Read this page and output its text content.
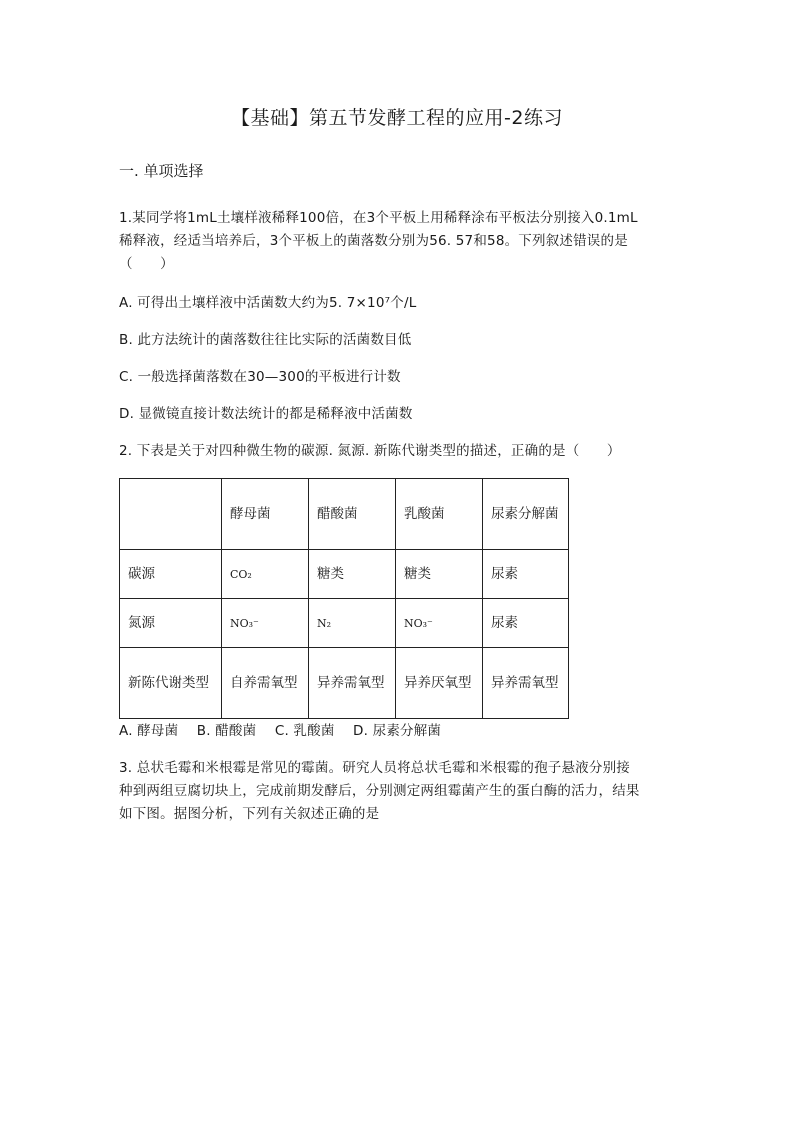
【基础】第五节发酵工程的应用-2练习
一. 单项选择
1.某同学将1mL土壤样液稀释100倍，在3个平板上用稀释涂布平板法分别接入0.1mL
稀释液，经适当培养后，3个平板上的菌落数分别为56. 57和58。下列叙述错误的是
（　　）
A. 可得出土壤样液中活菌数大约为5. 7×10⁷个/L
B. 此方法统计的菌落数往往比实际的活菌数目低
C. 一般选择菌落数在30—300的平板进行计数
D. 显微镜直接计数法统计的都是稀释液中活菌数
2. 下表是关于对四种微生物的碳源. 氮源. 新陈代谢类型的描述，正确的是（　　）
	酵母菌	醋酸菌	乳酸菌	尿素分解菌
碳源	CO₂	糖类	糖类	尿素
氮源	NO₃⁻	N₂	NO₃⁻	尿素
新陈代谢类型	自养需氧型	异养需氧型	异养厌氧型	异养需氧型
A. 酵母菌 B. 醋酸菌 C. 乳酸菌 D. 尿素分解菌
3. 总状毛霉和米根霉是常见的霉菌。研究人员将总状毛霉和米根霉的孢子悬液分别接
种到两组豆腐切块上，完成前期发酵后，分别测定两组霉菌产生的蛋白酶的活力，结果
如下图。据图分析，下列有关叙述正确的是
